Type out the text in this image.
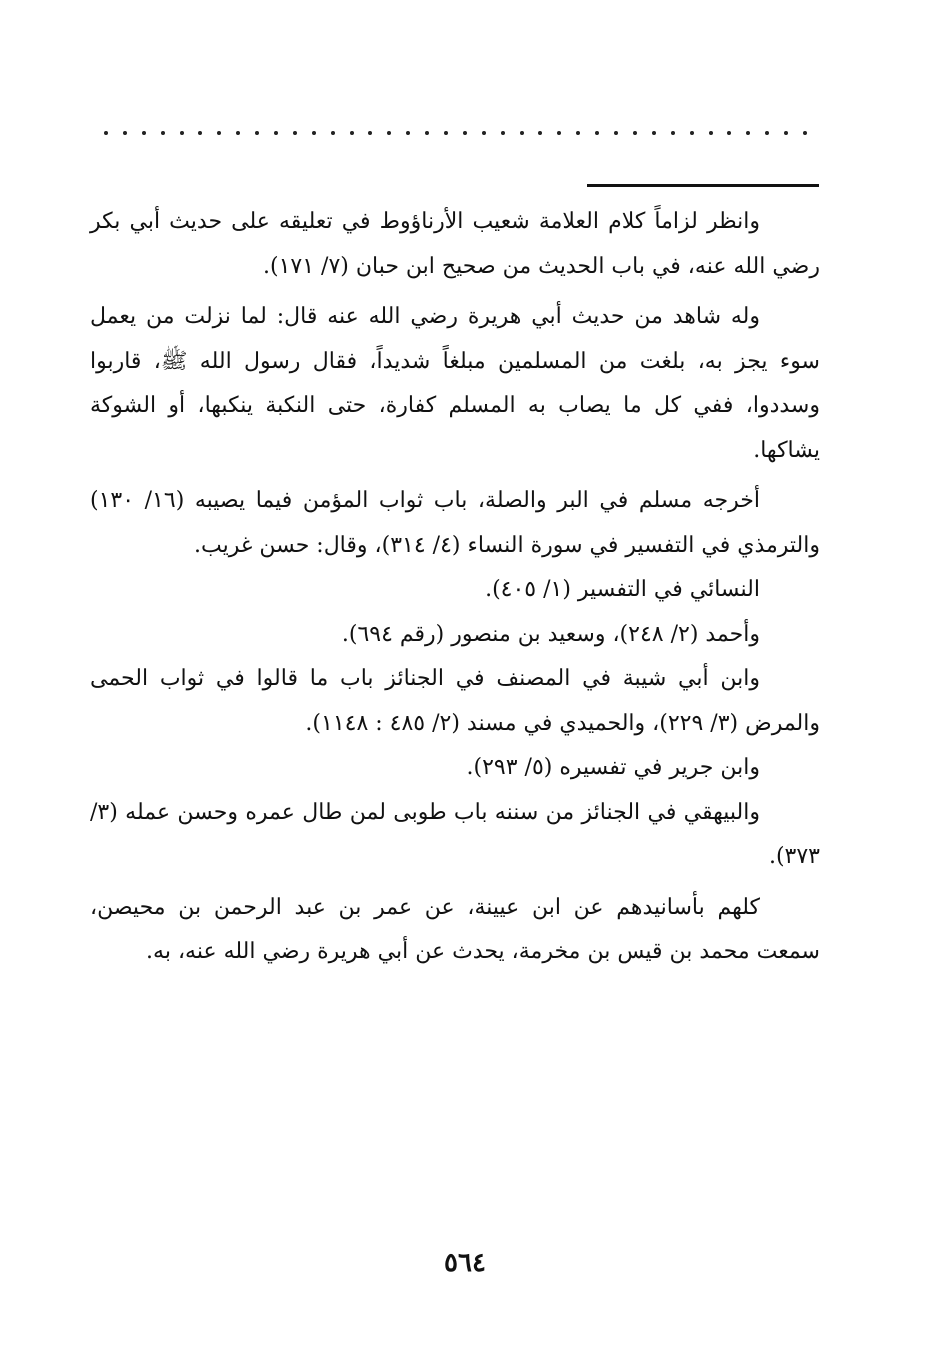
وانظر لزاماً كلام العلامة شعيب الأرناؤوط في تعليقه على حديث أبي بكر رضي الله عنه، في باب الحديث من صحيح ابن حبان (٧/ ١٧١).

وله شاهد من حديث أبي هريرة رضي الله عنه قال: لما نزلت من يعمل سوء يجز به، بلغت من المسلمين مبلغاً شديداً، فقال رسول الله ﷺ، قاربوا وسددوا، ففي كل ما يصاب به المسلم كفارة، حتى النكبة ينكبها، أو الشوكة يشاكها.

أخرجه مسلم في البر والصلة، باب ثواب المؤمن فيما يصيبه (١٦/ ١٣٠) والترمذي في التفسير في سورة النساء (٤/ ٣١٤)، وقال: حسن غريب.

النسائي في التفسير (١/ ٤٠٥).

وأحمد (٢/ ٢٤٨)، وسعيد بن منصور (رقم ٦٩٤).

وابن أبي شيبة في المصنف في الجنائز باب ما قالوا في ثواب الحمى والمرض (٣/ ٢٢٩)، والحميدي في مسند (٢/ ٤٨٥ : ١١٤٨).

وابن جرير في تفسيره (٥/ ٢٩٣).

والبيهقي في الجنائز من سننه باب طوبى لمن طال عمره وحسن عمله (٣/ ٣٧٣).

كلهم بأسانيدهم عن ابن عيينة، عن عمر بن عبد الرحمن بن محيصن، سمعت محمد بن قيس بن مخرمة، يحدث عن أبي هريرة رضي الله عنه، به.

٥٦٤
